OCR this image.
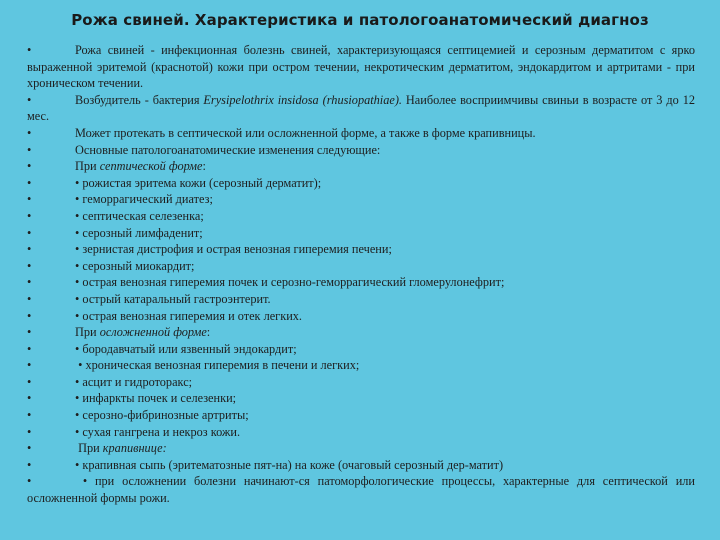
Рожа свиней. Характеристика и патологоанатомический диагноз
•	Рожа свиней - инфекционная болезнь свиней, характеризующаяся септицемией и серозным дерматитом с ярко выраженной эритемой (краснотой) кожи при остром течении, некротическим дерматитом, эндокардитом и артритами - при хроническом течении.
•	Возбудитель - бактерия Erysipelothrix insidosa (rhusiopathiae). Наиболее восприимчивы свиньи в возрасте от 3 до 12 мес.
•	Может протекать в септической или осложненной форме, а также в форме крапивницы.
•	Основные патологоанатомические изменения следующие:
•	При септической форме:
•	• рожистая эритема кожи (серозный дерматит);
•	• геморрагический диатез;
•	• септическая селезенка;
•	• серозный лимфаденит;
•	• зернистая дистрофия и острая венозная гиперемия печени;
•	• серозный миокардит;
•	• острая венозная гиперемия почек и серозно-геморрагический гломерулонефрит;
•	• острый катаральный гастроэнтерит.
•	• острая венозная гиперемия и отек легких.
•	При осложненной форме:
•	• бородавчатый или язвенный эндокардит;
•	• хроническая венозная гиперемия в печени и легких;
•	• асцит и гидроторакс;
•	• инфаркты почек и селезенки;
•	• серозно-фибринозные артриты;
•	• сухая гангрена и некроз кожи.
•	При крапивнице:
•	• крапивная сыпь (эритематозные пят-на) на коже (очаговый серозный дер-матит)
•	• при осложнении болезни начинают-ся патоморфологические процессы, характерные для септической или осложненной формы рожи.
